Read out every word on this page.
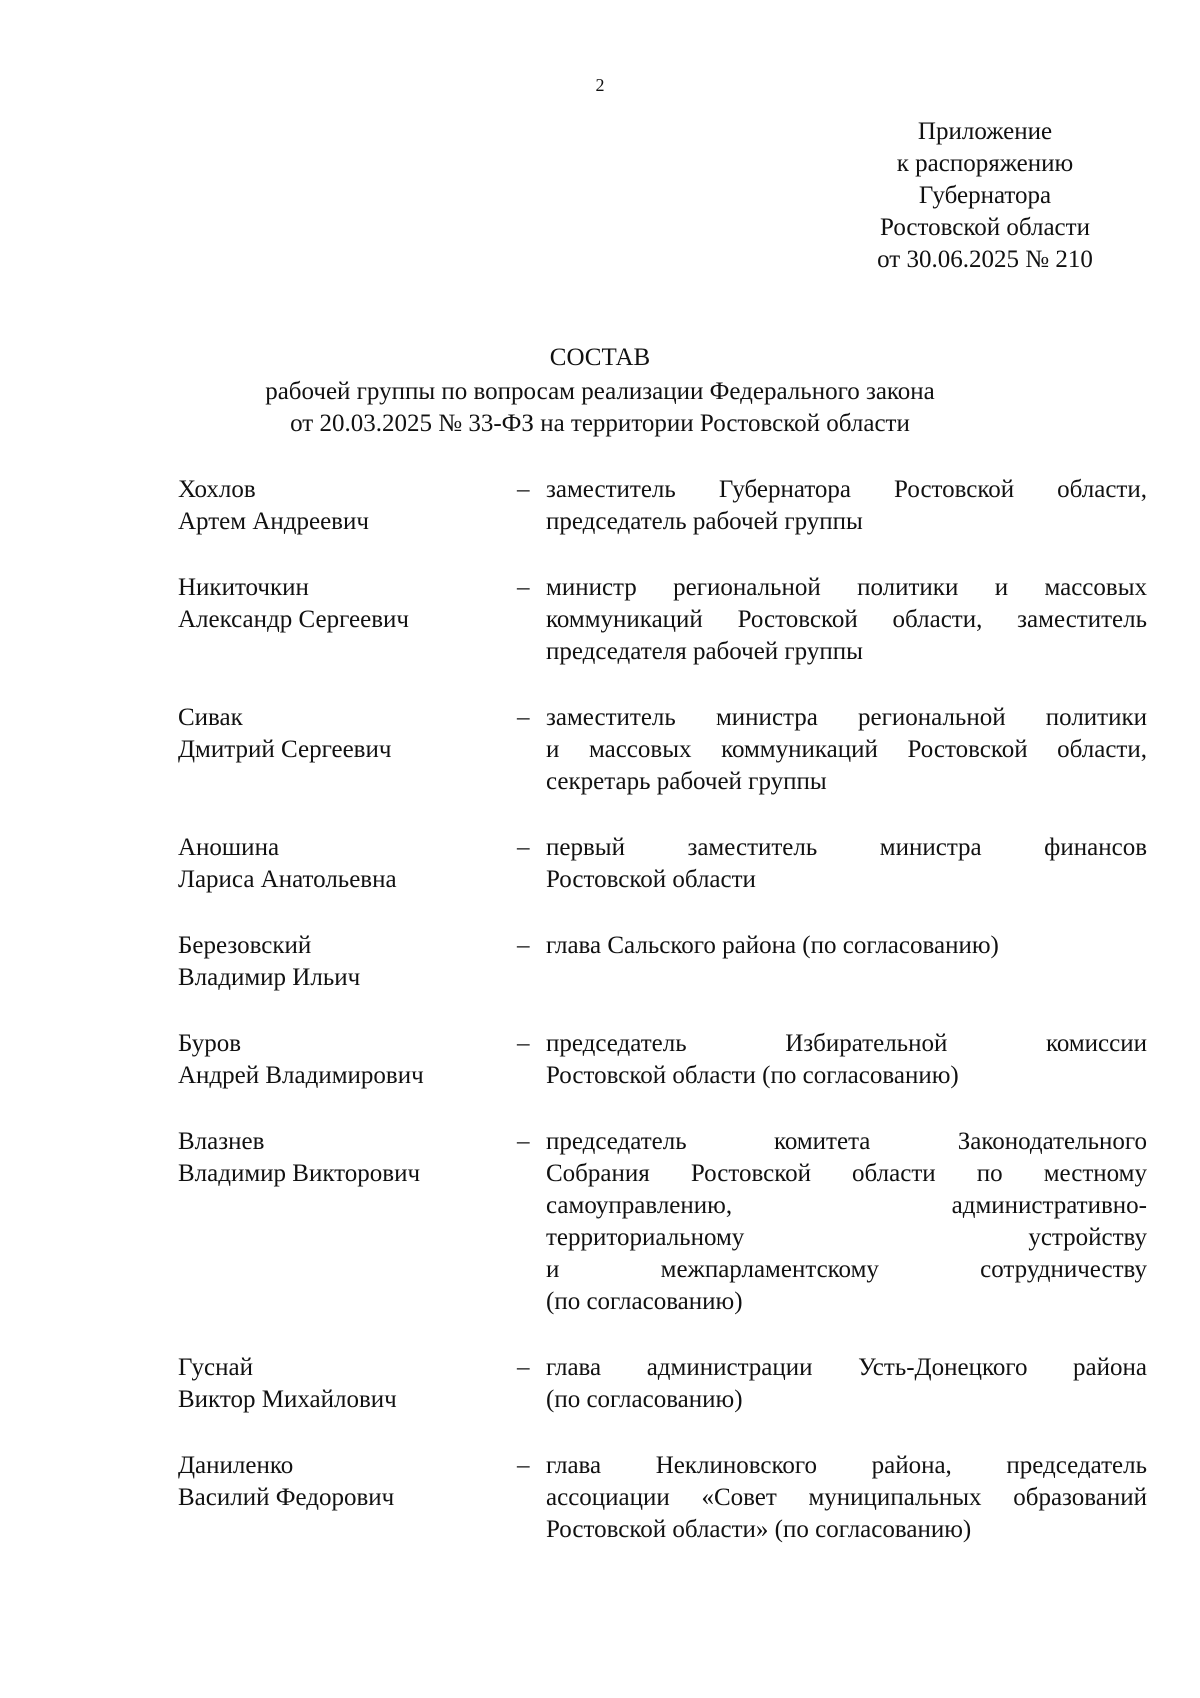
2
Приложение
к распоряжению
Губернатора
Ростовской области
от 30.06.2025 № 210
СОСТАВ
рабочей группы по вопросам реализации Федерального закона
от 20.03.2025 № 33-ФЗ на территории Ростовской области
Хохлов
Артем Андреевич
– заместитель Губернатора Ростовской области,
председатель рабочей группы
Никиточкин
Александр Сергеевич
– министр региональной политики и массовых
коммуникаций Ростовской области, заместитель
председателя рабочей группы
Сивак
Дмитрий Сергеевич
– заместитель министра региональной политики
и массовых коммуникаций Ростовской области,
секретарь рабочей группы
Аношина
Лариса Анатольевна
– первый заместитель министра финансов
Ростовской области
Березовский
Владимир Ильич
– глава Сальского района (по согласованию)
Буров
Андрей Владимирович
– председатель Избирательной комиссии
Ростовской области (по согласованию)
Влазнев
Владимир Викторович
– председатель комитета Законодательного
Собрания Ростовской области по местному
самоуправлению, административно-
территориальному устройству
и межпарламентскому сотрудничеству
(по согласованию)
Гуснай
Виктор Михайлович
– глава администрации Усть-Донецкого района
(по согласованию)
Даниленко
Василий Федорович
– глава Неклиновского района, председатель
ассоциации «Совет муниципальных образований
Ростовской области» (по согласованию)
